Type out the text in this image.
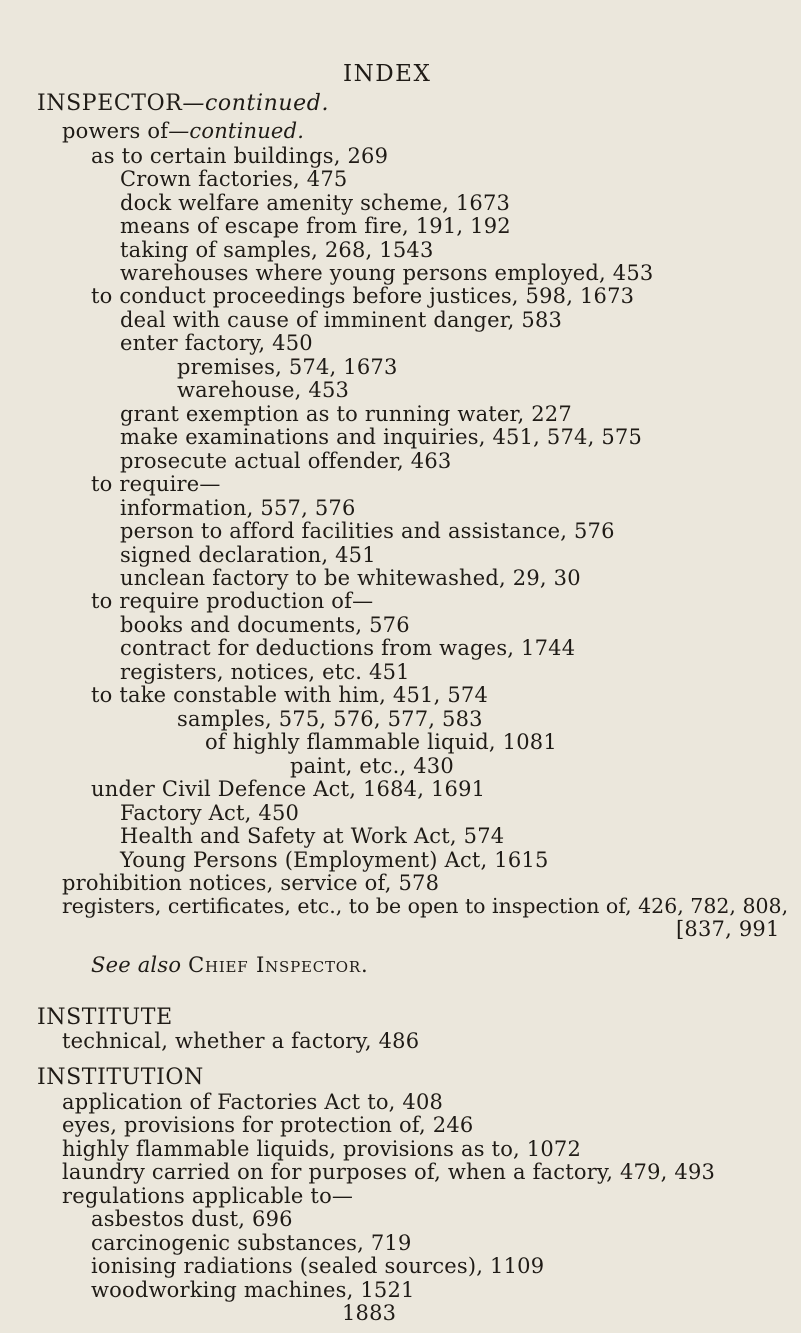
INDEX
INSPECTOR—continued.
powers of—continued.
as to certain buildings, 269
Crown factories, 475
dock welfare amenity scheme, 1673
means of escape from fire, 191, 192
taking of samples, 268, 1543
warehouses where young persons employed, 453
to conduct proceedings before justices, 598, 1673
deal with cause of imminent danger, 583
enter factory, 450
premises, 574, 1673
warehouse, 453
grant exemption as to running water, 227
make examinations and inquiries, 451, 574, 575
prosecute actual offender, 463
to require—
information, 557, 576
person to afford facilities and assistance, 576
signed declaration, 451
unclean factory to be whitewashed, 29, 30
to require production of—
books and documents, 576
contract for deductions from wages, 1744
registers, notices, etc. 451
to take constable with him, 451, 574
samples, 575, 576, 577, 583
of highly flammable liquid, 1081
paint, etc., 430
under Civil Defence Act, 1684, 1691
Factory Act, 450
Health and Safety at Work Act, 574
Young Persons (Employment) Act, 1615
prohibition notices, service of, 578
registers, certificates, etc., to be open to inspection of, 426, 782, 808,
[837, 991
See also Chief Inspector.
INSTITUTE
technical, whether a factory, 486
INSTITUTION
application of Factories Act to, 408
eyes, provisions for protection of, 246
highly flammable liquids, provisions as to, 1072
laundry carried on for purposes of, when a factory, 479, 493
regulations applicable to—
asbestos dust, 696
carcinogenic substances, 719
ionising radiations (sealed sources), 1109
woodworking machines, 1521
1883
